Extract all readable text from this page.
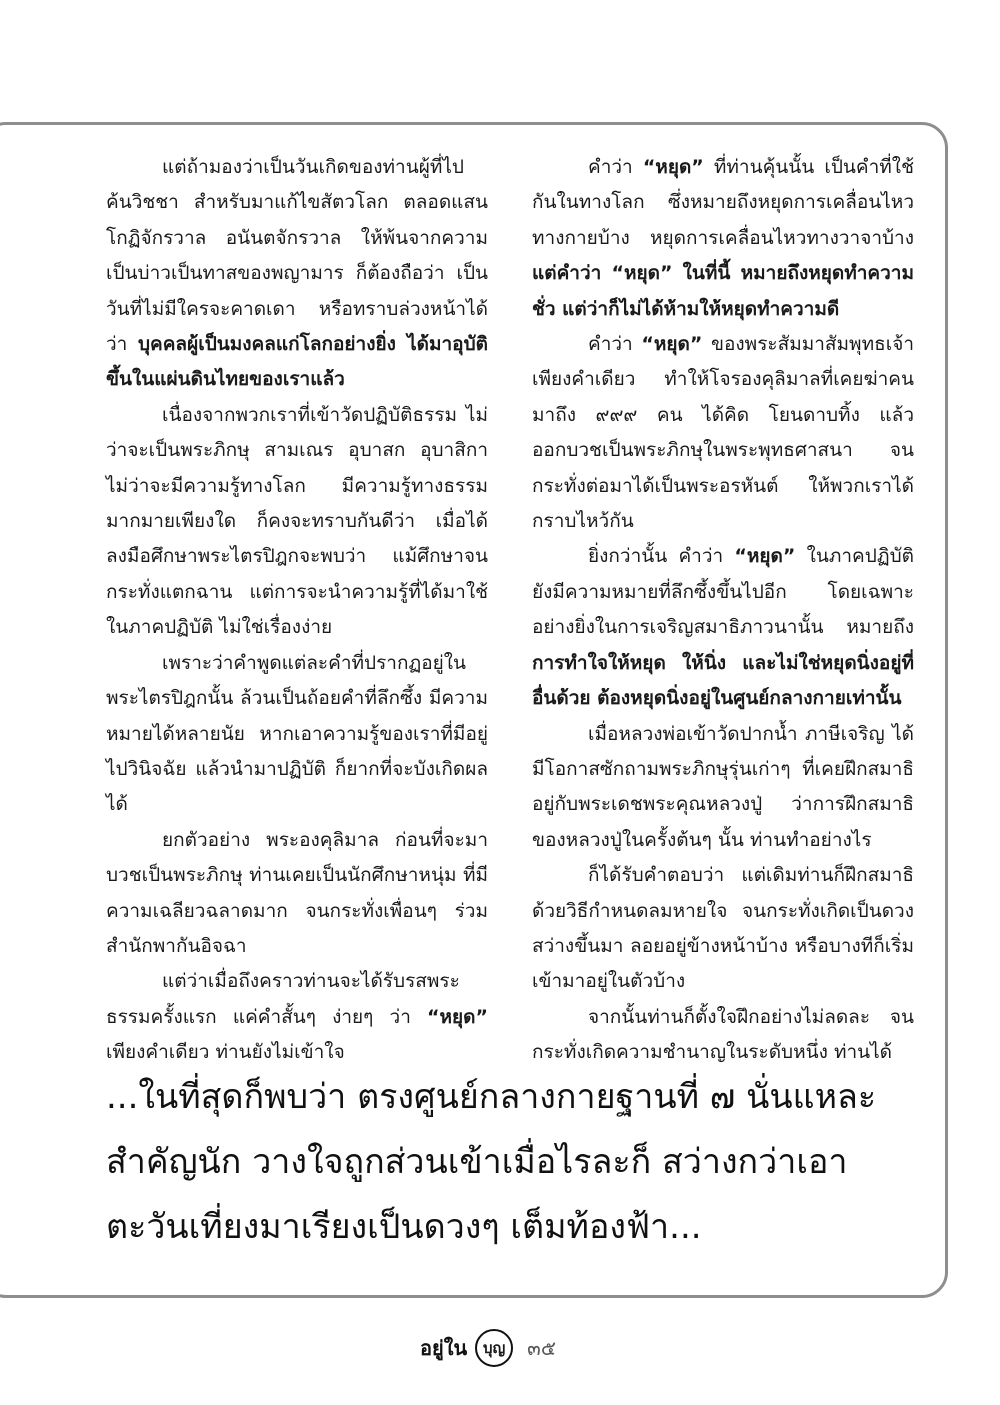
แต่ถ้ามองว่าเป็นวันเกิดของท่านผู้ที่ไปค้นวิชชา สำหรับมาแก้ไขสัตวโลก ตลอดแสนโกฏิจักรวาล อนันตจักรวาล ให้พ้นจากความเป็นบ่าวเป็นทาสของพญามาร ก็ต้องถือว่า เป็นวันที่ไม่มีใครจะคาดเดา หรือทราบล่วงหน้าได้ว่า บุคคลผู้เป็นมงคลแก่โลกอย่างยิ่ง ได้มาอุบัติขึ้นในแผ่นดินไทยของเราแล้ว

เนื่องจากพวกเราที่เข้าวัดปฏิบัติธรรม ไม่ว่าจะเป็นพระภิกษุ สามเณร อุบาสก อุบาสิกา ไม่ว่าจะมีความรู้ทางโลก มีความรู้ทางธรรมมากมายเพียงใด ก็คงจะทราบกันดีว่า เมื่อได้ลงมือศึกษาพระไตรปิฎกจะพบว่า แม้ศึกษาจนกระทั่งแตกฉาน แต่การจะนำความรู้ที่ได้มาใช้ในภาคปฏิบัติ ไม่ใช่เรื่องง่าย

เพราะว่าคำพูดแต่ละคำที่ปรากฏอยู่ในพระไตรปิฎกนั้น ล้วนเป็นถ้อยคำที่ลึกซึ้ง มีความหมายได้หลายนัย หากเอาความรู้ของเราที่มีอยู่ไปวินิจฉัย แล้วนำมาปฏิบัติ ก็ยากที่จะบังเกิดผลได้

ยกตัวอย่าง พระองคุลิมาล ก่อนที่จะมาบวชเป็นพระภิกษุ ท่านเคยเป็นนักศึกษาหนุ่ม ที่มีความเฉลียวฉลาดมาก จนกระทั่งเพื่อนๆ ร่วมสำนักพากันอิจฉา

แต่ว่าเมื่อถึงคราวท่านจะได้รับรสพระธรรมครั้งแรก แค่คำสั้นๆ ง่ายๆ ว่า “หยุด” เพียงคำเดียว ท่านยังไม่เข้าใจ

คำว่า “หยุด” ที่ท่านคุ้นนั้น เป็นคำที่ใช้กันในทางโลก ซึ่งหมายถึงหยุดการเคลื่อนไหวทางกายบ้าง หยุดการเคลื่อนไหวทางวาจาบ้าง แต่คำว่า “หยุด” ในที่นี้ หมายถึงหยุดทำความชั่ว แต่ว่าก็ไม่ได้ห้ามให้หยุดทำความดี

คำว่า “หยุด” ของพระสัมมาสัมพุทธเจ้าเพียงคำเดียว ทำให้โจรองคุลิมาลที่เคยฆ่าคนมาถึง ๙๙๙ คน ได้คิด โยนดาบทิ้ง แล้วออกบวชเป็นพระภิกษุในพระพุทธศาสนา จนกระทั่งต่อมาได้เป็นพระอรหันต์ ให้พวกเราได้กราบไหว้กัน

ยิ่งกว่านั้น คำว่า “หยุด” ในภาคปฏิบัติ ยังมีความหมายที่ลึกซึ้งขึ้นไปอีก โดยเฉพาะอย่างยิ่งในการเจริญสมาธิภาวนานั้น หมายถึงการทำใจให้หยุด ให้นิ่ง และไม่ใช่หยุดนิ่งอยู่ที่อื่นด้วย ต้องหยุดนิ่งอยู่ในศูนย์กลางกายเท่านั้น

เมื่อหลวงพ่อเข้าวัดปากน้ำ ภาษีเจริญ ได้มีโอกาสซักถามพระภิกษุรุ่นเก่าๆ ที่เคยฝึกสมาธิอยู่กับพระเดชพระคุณหลวงปู่ ว่าการฝึกสมาธิของหลวงปู่ในครั้งต้นๆ นั้น ท่านทำอย่างไร

ก็ได้รับคำตอบว่า แต่เดิมท่านก็ฝึกสมาธิด้วยวิธีกำหนดลมหายใจ จนกระทั่งเกิดเป็นดวงสว่างขึ้นมา ลอยอยู่ข้างหน้าบ้าง หรือบางทีก็เริ่มเข้ามาอยู่ในตัวบ้าง

จากนั้นท่านก็ตั้งใจฝึกอย่างไม่ลดละ จนกระทั่งเกิดความชำนาญในระดับหนึ่ง ท่านได้

...ในที่สุดก็พบว่า ตรงศูนย์กลางกายฐานที่ ๗ นั่นแหละ สำคัญนัก วางใจถูกส่วนเข้าเมื่อไรละก็ สว่างกว่าเอาตะวันเที่ยงมาเรียงเป็นดวงๆ เต็มท้องฟ้า...
อยู่ใน บุญ ๓๕
